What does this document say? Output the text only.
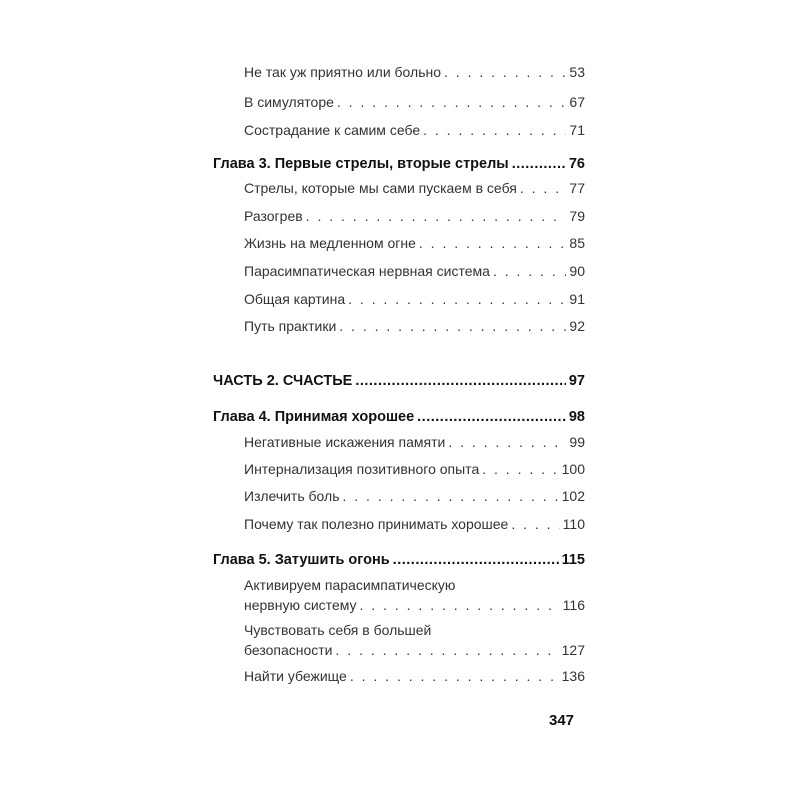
Не так уж приятно или больно . . .	53
В симуляторе . . .	67
Сострадание к самим себе . . .	71
Глава 3. Первые стрелы, вторые стрелы .....	76
Стрелы, которые мы сами пускаем в себя . . .	77
Разогрев . . .	79
Жизнь на медленном огне . . .	85
Парасимпатическая нервная система . . .	90
Общая картина . . .	91
Путь практики . . .	92
ЧАСТЬ 2. СЧАСТЬЕ .....	97
Глава 4. Принимая хорошее .....	98
Негативные искажения памяти . . .	99
Интернализация позитивного опыта . . .	100
Излечить боль . . .	102
Почему так полезно принимать хорошее . . .	110
Глава 5. Затушить огонь .....	115
Активируем парасимпатическую
нервную систему . . .	116
Чувствовать себя в большей
безопасности . . .	127
Найти убежище . . .	136
347
